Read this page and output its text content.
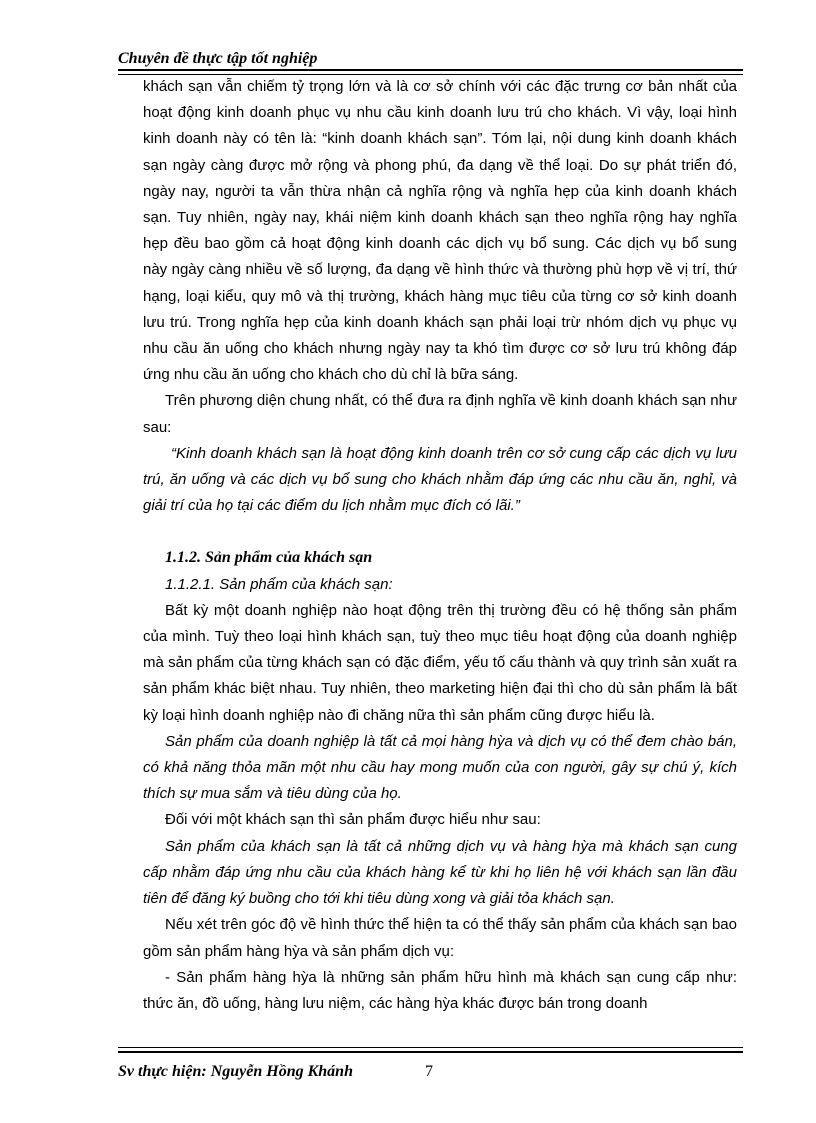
Chuyên đề thực tập tốt nghiệp

khách sạn vẫn chiếm tỷ trọng lớn và là cơ sở chính với các đặc trưng cơ bản nhất của hoạt động kinh doanh phục vụ nhu cầu kinh doanh lưu trú cho khách. Vì vậy, loại hình kinh doanh này có tên là: “kinh doanh khách sạn”. Tóm lại, nội dung kinh doanh khách sạn ngày càng được mở rộng và phong phú, đa dạng về thể loại. Do sự phát triển đó, ngày nay, người ta vẫn thừa nhận cả nghĩa rộng và nghĩa hẹp của kinh doanh khách sạn. Tuy nhiên, ngày nay, khái niệm kinh doanh khách sạn theo nghĩa rộng hay nghĩa hẹp đều bao gồm cả hoạt động kinh doanh các dịch vụ bổ sung. Các dịch vụ bổ sung này ngày càng nhiều về số lượng, đa dạng về hình thức và thường phù hợp về vị trí, thứ hạng, loại kiểu, quy mô và thị trường, khách hàng mục tiêu của từng cơ sở kinh doanh lưu trú. Trong nghĩa hẹp của kinh doanh khách sạn phải loại trừ nhóm dịch vụ phục vụ nhu cầu ăn uống cho khách nhưng ngày nay ta khó tìm được cơ sở lưu trú không đáp ứng nhu cầu ăn uống cho khách cho dù chỉ là bữa sáng.

Trên phương diện chung nhất, có thể đưa ra định nghĩa về kinh doanh khách sạn như sau:

“Kinh doanh khách sạn là hoạt động kinh doanh trên cơ sở cung cấp các dịch vụ lưu trú, ăn uống và các dịch vụ bổ sung cho khách nhằm đáp ứng các nhu cầu ăn, nghỉ, và giải trí của họ tại các điểm du lịch nhằm mục đích có lãi.”

1.1.2. Sản phẩm của khách sạn

1.1.2.1. Sản phẩm của khách sạn:

Bất kỳ một doanh nghiệp nào hoạt động trên thị trường đều có hệ thống sản phẩm của mình. Tuỳ theo loại hình khách sạn, tuỳ theo mục tiêu hoạt động của doanh nghiệp mà sản phẩm của từng khách sạn có đặc điểm, yếu tố cấu thành và quy trình sản xuất ra sản phẩm khác biệt nhau. Tuy nhiên, theo marketing hiện đại thì cho dù sản phẩm là bất kỳ loại hình doanh nghiệp nào đi chăng nữa thì sản phẩm cũng được hiểu là.

Sản phẩm của doanh nghiệp là tất cả mọi hàng hỳa và dịch vụ có thể đem chào bán, có khả năng thỏa mãn một nhu cầu hay mong muốn của con người, gây sự chú ý, kích thích sự mua sắm và tiêu dùng của họ.

Đối với một khách sạn thì sản phẩm được hiểu như sau:

Sản phẩm của khách sạn là tất cả những dịch vụ và hàng hỳa mà khách sạn cung cấp nhằm đáp ứng nhu cầu của khách hàng kể từ khi họ liên hệ với khách sạn lần đầu tiên để đăng ký buồng cho tới khi tiêu dùng xong và giải tỏa khách sạn.

Nếu xét trên góc độ về hình thức thể hiện ta có thể thấy sản phẩm của khách sạn bao gồm sản phẩm hàng hỳa và sản phẩm dịch vụ:

- Sản phẩm hàng hỳa là những sản phẩm hữu hình mà khách sạn cung cấp như: thức ăn, đồ uống, hàng lưu niệm, các hàng hỳa khác được bán trong doanh

Sv thực hiện: Nguyễn Hồng Khánh	7
